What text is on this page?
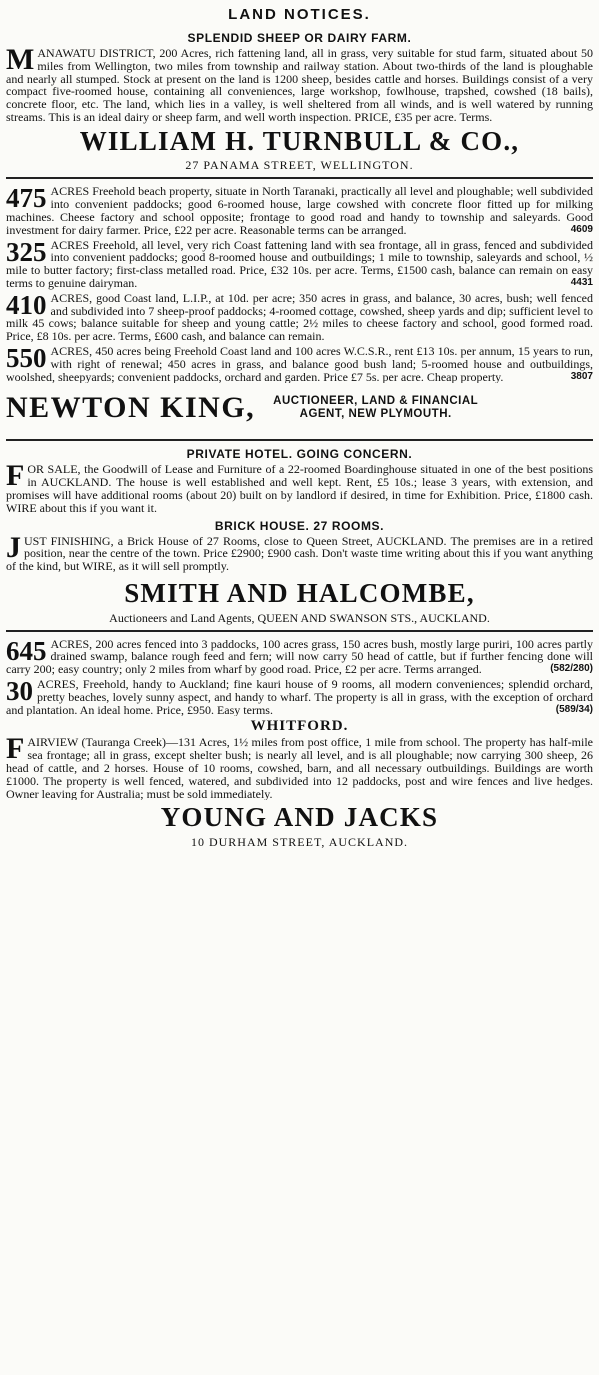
LAND NOTICES.
SPLENDID SHEEP OR DAIRY FARM.

MANAWATU DISTRICT, 200 Acres, rich fattening land, all in grass, very suitable for stud farm, situated about 50 miles from Wellington, two miles from township and railway station. About two-thirds of the land is ploughable and nearly all stumped. Stock at present on the land is 1200 sheep, besides cattle and horses. Buildings consist of a very compact five-roomed house, containing all conveniences, large workshop, fowlhouse, trapshed, cowshed (18 bails), concrete floor, etc. The land, which lies in a valley, is well sheltered from all winds, and is well watered by running streams. This is an ideal dairy or sheep farm, and well worth inspection. PRICE, £35 per acre. Terms.

WILLIAM H. TURNBULL & CO.,
27 PANAMA STREET, WELLINGTON.

475 ACRES Freehold beach property, situate in North Taranaki, practically all level and ploughable; well subdivided into convenient paddocks; good 6-roomed house, large cowshed with concrete floor fitted up for milking machines. Cheese factory and school opposite; frontage to good road and handy to township and saleyards. Good investment for dairy farmer. Price, £22 per acre. Reasonable terms can be arranged.	4609

325 ACRES Freehold, all level, very rich Coast fattening land with sea frontage, all in grass, fenced and subdivided into convenient paddocks; good 8-roomed house and outbuildings; 1 mile to township, saleyards and school, ½ mile to butter factory; first-class metalled road. Price, £32 10s. per acre. Terms, £1500 cash, balance can remain on easy terms to genuine dairyman.	4431

410 ACRES, good Coast land, L.I.P., at 10d. per acre; 350 acres in grass, and balance, 30 acres, bush; well fenced and subdivided into 7 sheep-proof paddocks; 4-roomed cottage, cowshed, sheep yards and dip; sufficient level to milk 45 cows; balance suitable for sheep and young cattle; 2½ miles to cheese factory and school, good formed road. Price, £8 10s. per acre. Terms, £600 cash, and balance can remain.

550 ACRES, 450 acres being Freehold Coast land and 100 acres W.C.S.R., rent £13 10s. per annum, 15 years to run, with right of renewal; 450 acres in grass, and balance good bush land; 5-roomed house and outbuildings, woolshed, sheepyards; convenient paddocks, orchard and garden. Price £7 5s. per acre. Cheap property.	3807

NEWTON KING, AUCTIONEER, LAND & FINANCIAL
AGENT, NEW PLYMOUTH.
PRIVATE HOTEL. GOING CONCERN.

FOR SALE, the Goodwill of Lease and Furniture of a 22-roomed Boardinghouse situated in one of the best positions in AUCKLAND. The house is well established and well kept. Rent, £5 10s.; lease 3 years, with extension, and promises will have additional rooms (about 20) built on by landlord if desired, in time for Exhibition. Price, £1800 cash. WIRE about this if you want it.

BRICK HOUSE. 27 ROOMS.

JUST FINISHING, a Brick House of 27 Rooms, close to Queen Street, AUCKLAND. The premises are in a retired position, near the centre of the town. Price £2900; £900 cash. Don't waste time writing about this if you want anything of the kind, but WIRE, as it will sell promptly.

SMITH AND HALCOMBE,
Auctioneers and Land Agents, QUEEN AND SWANSON STS., AUCKLAND.

645 ACRES, 200 acres fenced into 3 paddocks, 100 acres grass, 150 acres bush, mostly large puriri, 100 acres partly drained swamp, balance rough feed and fern; will now carry 50 head of cattle, but if further fencing done will carry 200; easy country; only 2 miles from wharf by good road. Price, £2 per acre. Terms arranged.	(582/280)

30 ACRES, Freehold, handy to Auckland; fine kauri house of 9 rooms, all modern conveniences; splendid orchard, pretty beaches, lovely sunny aspect, and handy to wharf. The property is all in grass, with the exception of orchard and plantation. An ideal home. Price, £950. Easy terms.	(589/34)

WHITFORD.

FAIRVIEW (Tauranga Creek)—131 Acres, 1½ miles from post office, 1 mile from school. The property has half-mile sea frontage; all in grass, except shelter bush; is nearly all level, and is all ploughable; now carrying 300 sheep, 26 head of cattle, and 2 horses. House of 10 rooms, cowshed, barn, and all necessary outbuildings. Buildings are worth £1000. The property is well fenced, watered, and subdivided into 12 paddocks, post and wire fences and live hedges. Owner leaving for Australia; must be sold immediately.

YOUNG AND JACKS
10 DURHAM STREET, AUCKLAND.
